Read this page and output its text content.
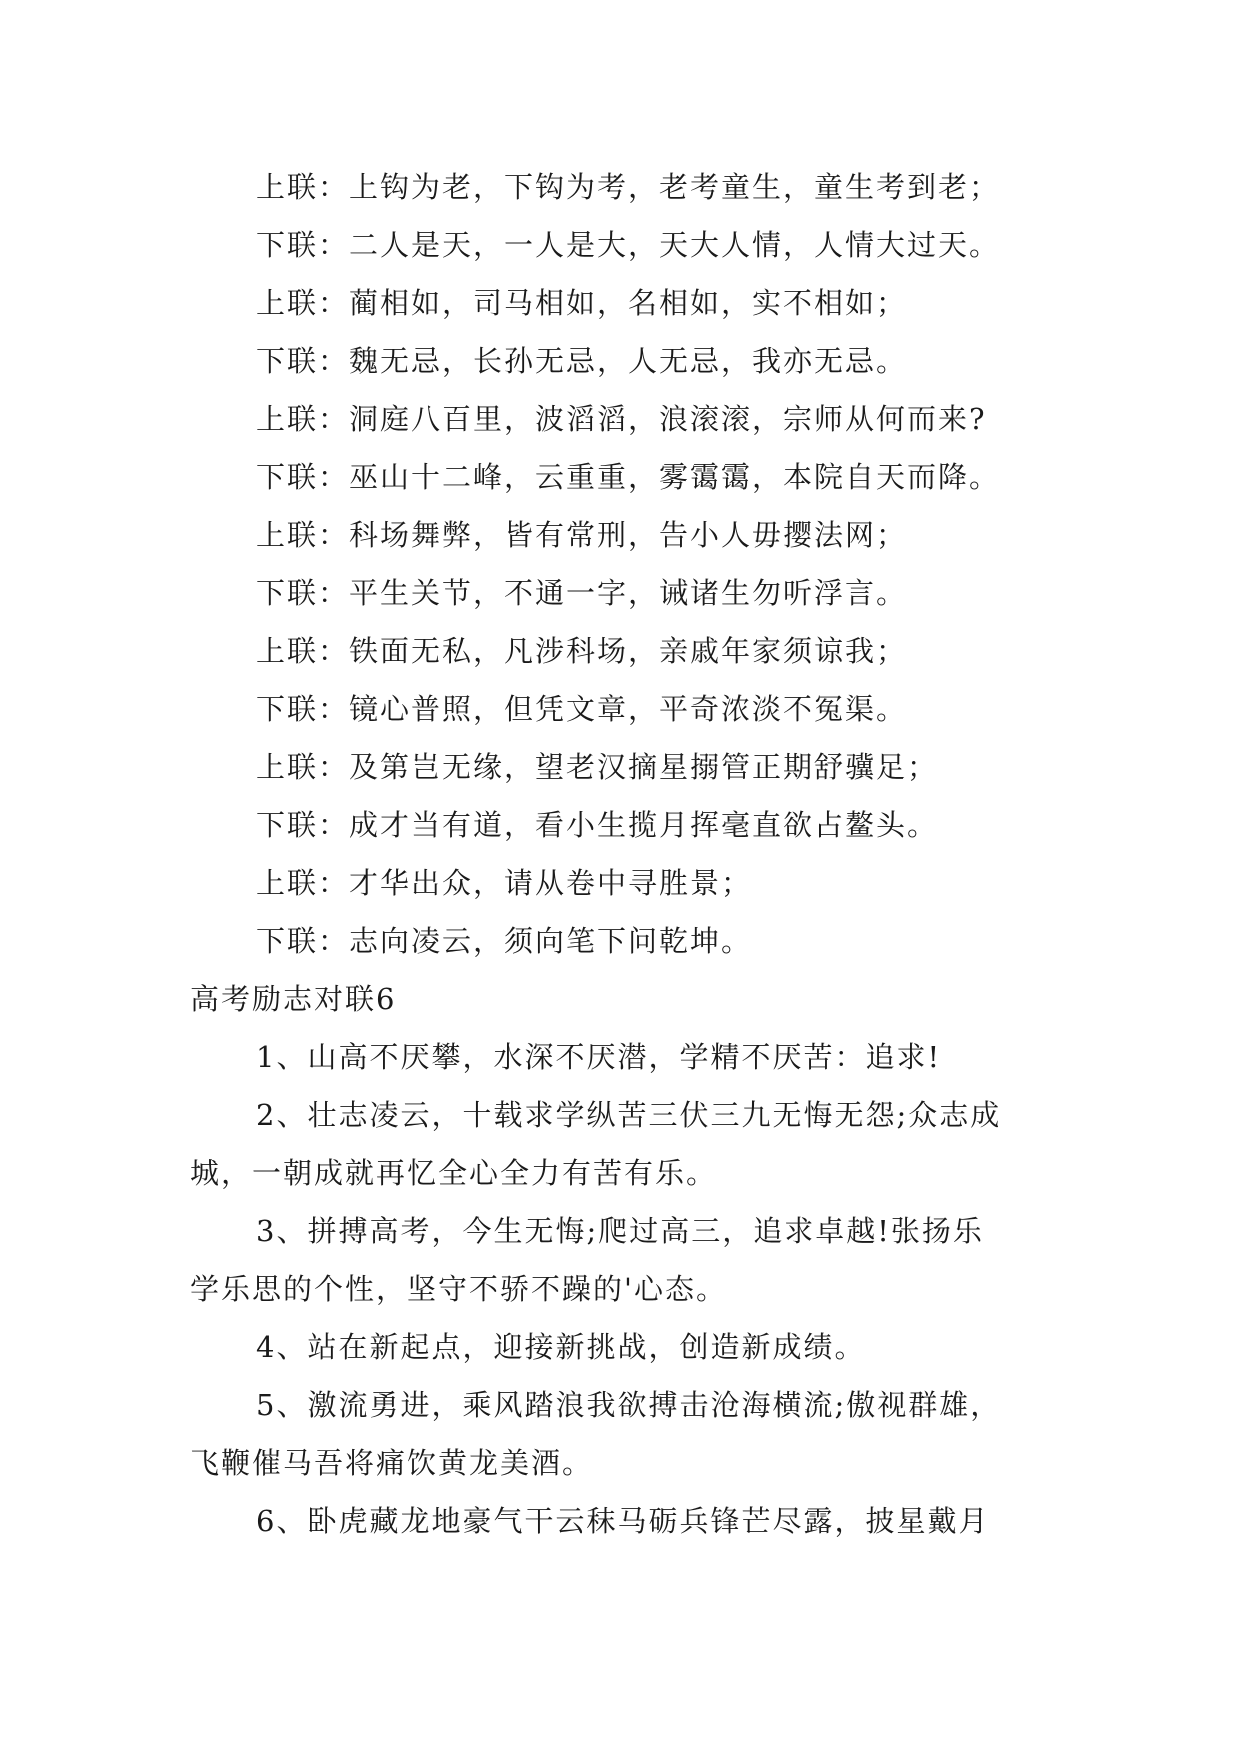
上联：上钩为老，下钩为考，老考童生，童生考到老；
下联：二人是天，一人是大，天大人情，人情大过天。
上联：蔺相如，司马相如，名相如，实不相如；
下联：魏无忌，长孙无忌，人无忌，我亦无忌。
上联：洞庭八百里，波滔滔，浪滚滚，宗师从何而来?
下联：巫山十二峰，云重重，雾霭霭，本院自天而降。
上联：科场舞弊，皆有常刑，告小人毋撄法网；
下联：平生关节，不通一字，诫诸生勿听浮言。
上联：铁面无私，凡涉科场，亲戚年家须谅我；
下联：镜心普照，但凭文章，平奇浓淡不冤渠。
上联：及第岂无缘，望老汉摘星搦管正期舒骥足；
下联：成才当有道，看小生揽月挥毫直欲占鳌头。
上联：才华出众，请从卷中寻胜景；
下联：志向凌云，须向笔下问乾坤。
高考励志对联6
1、山高不厌攀，水深不厌潜，学精不厌苦：追求!
2、壮志凌云，十载求学纵苦三伏三九无悔无怨;众志成
城，一朝成就再忆全心全力有苦有乐。
3、拼搏高考，今生无悔;爬过高三，追求卓越!张扬乐
学乐思的个性，坚守不骄不躁的'心态。
4、站在新起点，迎接新挑战，创造新成绩。
5、激流勇进，乘风踏浪我欲搏击沧海横流;傲视群雄，
飞鞭催马吾将痛饮黄龙美酒。
6、卧虎藏龙地豪气干云秣马砺兵锋芒尽露，披星戴月
